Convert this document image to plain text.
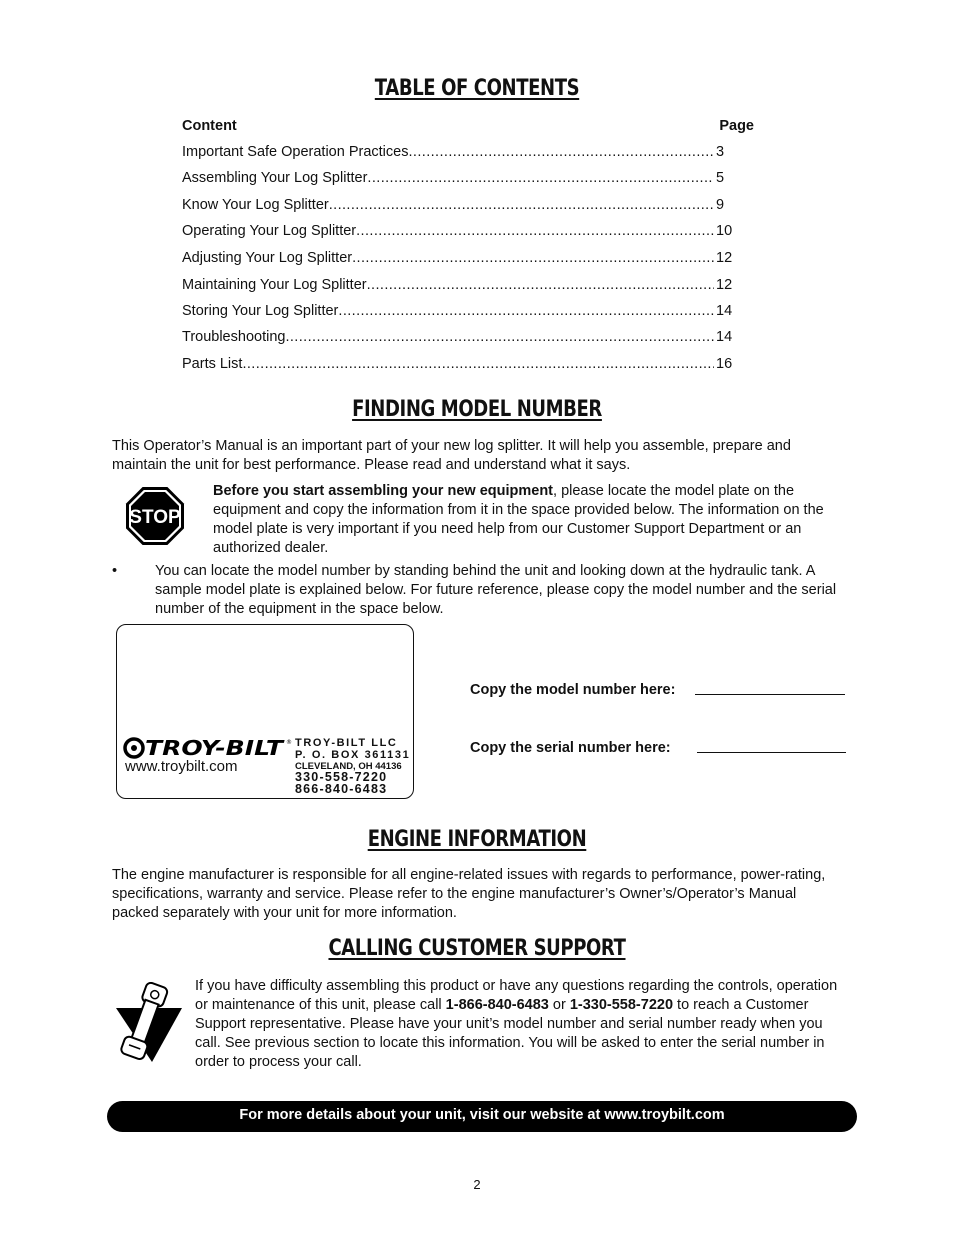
TABLE OF CONTENTS
Content	Page
Important Safe Operation Practices .....	3
Assembling Your Log Splitter .....	5
Know Your Log Splitter .....	9
Operating Your Log Splitter .....	10
Adjusting Your Log Splitter .....	12
Maintaining Your Log Splitter .....	12
Storing Your Log Splitter .....	14
Troubleshooting .....	14
Parts List .....	16
FINDING MODEL NUMBER
This Operator’s Manual is an important part of your new log splitter. It will help you assemble, prepare and maintain the unit for best performance. Please read and understand what it says.
STOP
Before you start assembling your new equipment, please locate the model plate on the equipment and copy the information from it in the space provided below. The information on the model plate is very important if you need help from our Customer Support Department or an authorized dealer.
•	You can locate the model number by standing behind the unit and looking down at the hydraulic tank. A sample model plate is explained below. For future reference, please copy the model number and the serial number of the equipment in the space below.
TROY-BILT ®
www.troybilt.com
TROY-BILT LLC
P. O. BOX 361131
CLEVELAND, OH 44136
330-558-7220
866-840-6483
Copy the model number here:
Copy the serial number here:
ENGINE INFORMATION
The engine manufacturer is responsible for all engine-related issues with regards to performance, power-rating, specifications, warranty and service. Please refer to the engine manufacturer’s Owner’s/Operator’s Manual packed separately with your unit for more information.
CALLING CUSTOMER SUPPORT
If you have difficulty assembling this product or have any questions regarding the controls, operation or maintenance of this unit, please call 1-866-840-6483 or 1-330-558-7220 to reach a Customer Support representative. Please have your unit’s model number and serial number ready when you call. See previous section to locate this information. You will be asked to enter the serial number in order to process your call.
For more details about your unit, visit our website at www.troybilt.com
2
